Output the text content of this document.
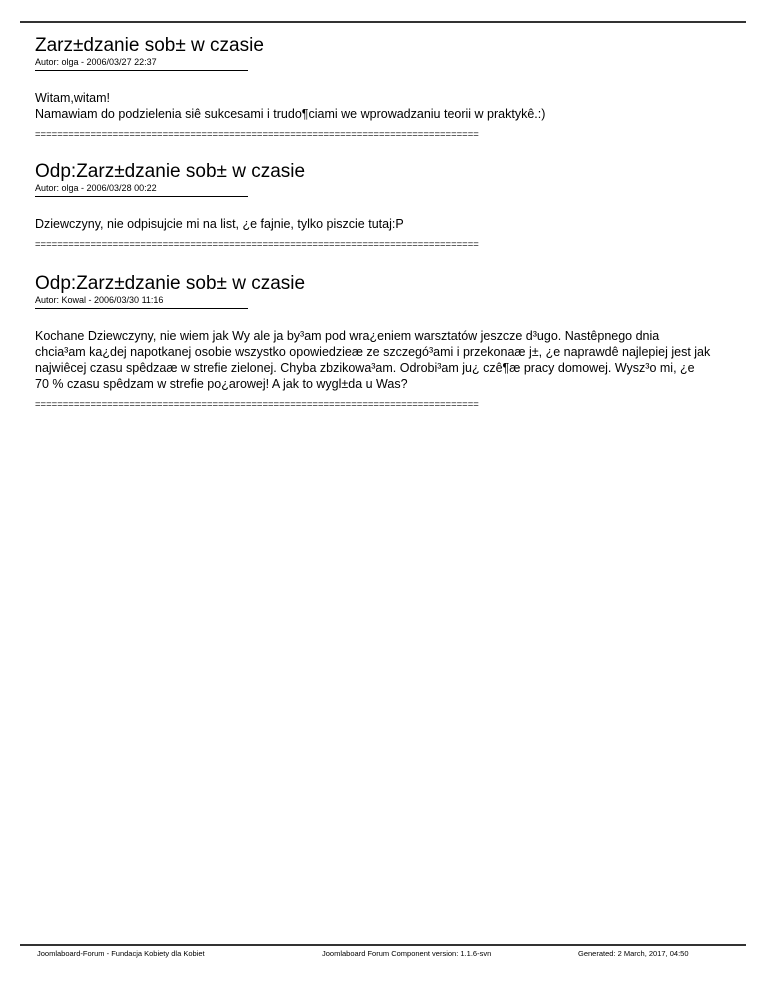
Zarz±dzanie sob± w czasie
Autor: olga - 2006/03/27 22:37
Witam,witam!
Namawiam do podzielenia siê sukcesami i trudo¶ciami we wprowadzaniu teorii w praktykê.:)
================================================================================
Odp:Zarz±dzanie sob± w czasie
Autor: olga - 2006/03/28 00:22
Dziewczyny, nie odpisujcie mi na list, ¿e fajnie, tylko piszcie tutaj:P
================================================================================
Odp:Zarz±dzanie sob± w czasie
Autor: Kowal - 2006/03/30 11:16
Kochane Dziewczyny, nie wiem jak Wy ale ja by³am pod wra¿eniem warsztatów jeszcze d³ugo. Nastêpnego dnia
chcia³am ka¿dej napotkanej osobie wszystko opowiedzieæ ze szczegó³ami i przekonaæ j±, ¿e naprawdê najlepiej jest jak
najwiêcej czasu spêdzaæ w strefie zielonej. Chyba zbzikowa³am. Odrobi³am ju¿ czê¶æ pracy domowej. Wysz³o mi, ¿e
70 % czasu spêdzam w strefie po¿arowej! A jak to wygl±da u Was?
================================================================================
Joomlaboard-Forum - Fundacja Kobiety dla Kobiet	Joomlaboard Forum Component version: 1.1.6-svn	Generated: 2 March, 2017, 04:50
